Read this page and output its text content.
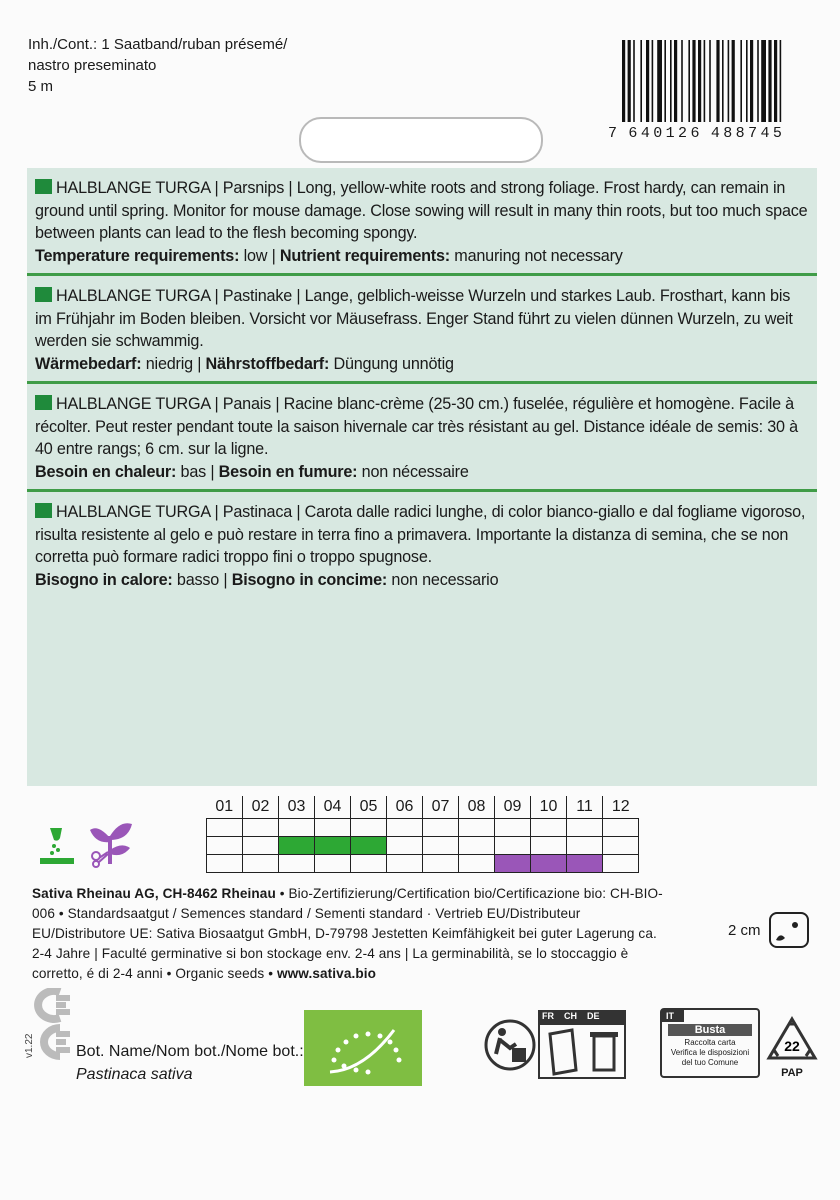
Inh./Cont.: 1 Saatband/ruban présemé/
nastro preseminato
5 m
7 6 4 0 1 2 6 4 8 8 7 4 5
HALBLANGE TURGA | Parsnips | Long, yellow-white roots and strong foliage. Frost hardy, can remain in ground until spring. Monitor for mouse damage. Close sowing will result in many thin roots, but too much space between plants can lead to the flesh becoming spongy.
Temperature requirements: low | Nutrient requirements: manuring not necessary
HALBLANGE TURGA | Pastinake | Lange, gelblich-weisse Wurzeln und starkes Laub. Frosthart, kann bis im Frühjahr im Boden bleiben. Vorsicht vor Mäusefrass. Enger Stand führt zu vielen dünnen Wurzeln, zu weit werden sie schwammig.
Wärmebedarf: niedrig | Nährstoffbedarf: Düngung unnötig
HALBLANGE TURGA | Panais | Racine blanc-crème (25-30 cm.) fuselée, régulière et homogène. Facile à récolter. Peut rester pendant toute la saison hivernale car très résistant au gel. Distance idéale de semis: 30 à 40 entre rangs; 6 cm. sur la ligne.
Besoin en chaleur: bas | Besoin en fumure: non nécessaire
HALBLANGE TURGA | Pastinaca | Carota dalle radici lunghe, di color bianco-giallo e dal fogliame vigoroso, risulta resistente al gelo e può restare in terra fino a primavera. Importante la distanza di semina, che se non corretta può formare radici troppo fini o troppo spugnose.
Bisogno in calore: basso | Bisogno in concime: non necessario
01	02	03	04	05	06	07	08	09	10	11	12

Sativa Rheinau AG, CH-8462 Rheinau • Bio-Zertifizierung/Certification bio/Certificazione bio: CH-BIO-006 • Standardsaatgut / Semences standard / Sementi standard · Vertrieb EU/Distributeur EU/Distributore UE: Sativa Biosaatgut GmbH, D-79798 Jestetten Keimfähigkeit bei guter Lagerung ca. 2-4 Jahre | Faculté germinative si bon stockage env. 2-4 ans | La germinabilità, se lo stoccaggio è corretto, é di 2-4 anni • Organic seeds • www.sativa.bio
2 cm
v1.22	Bot. Name/Nom bot./Nome bot.:
Pastinaca sativa
FR	CH	DE	IT
Busta
Raccolta carta
Verifica le disposizioni
del tuo Comune
22
PAP
